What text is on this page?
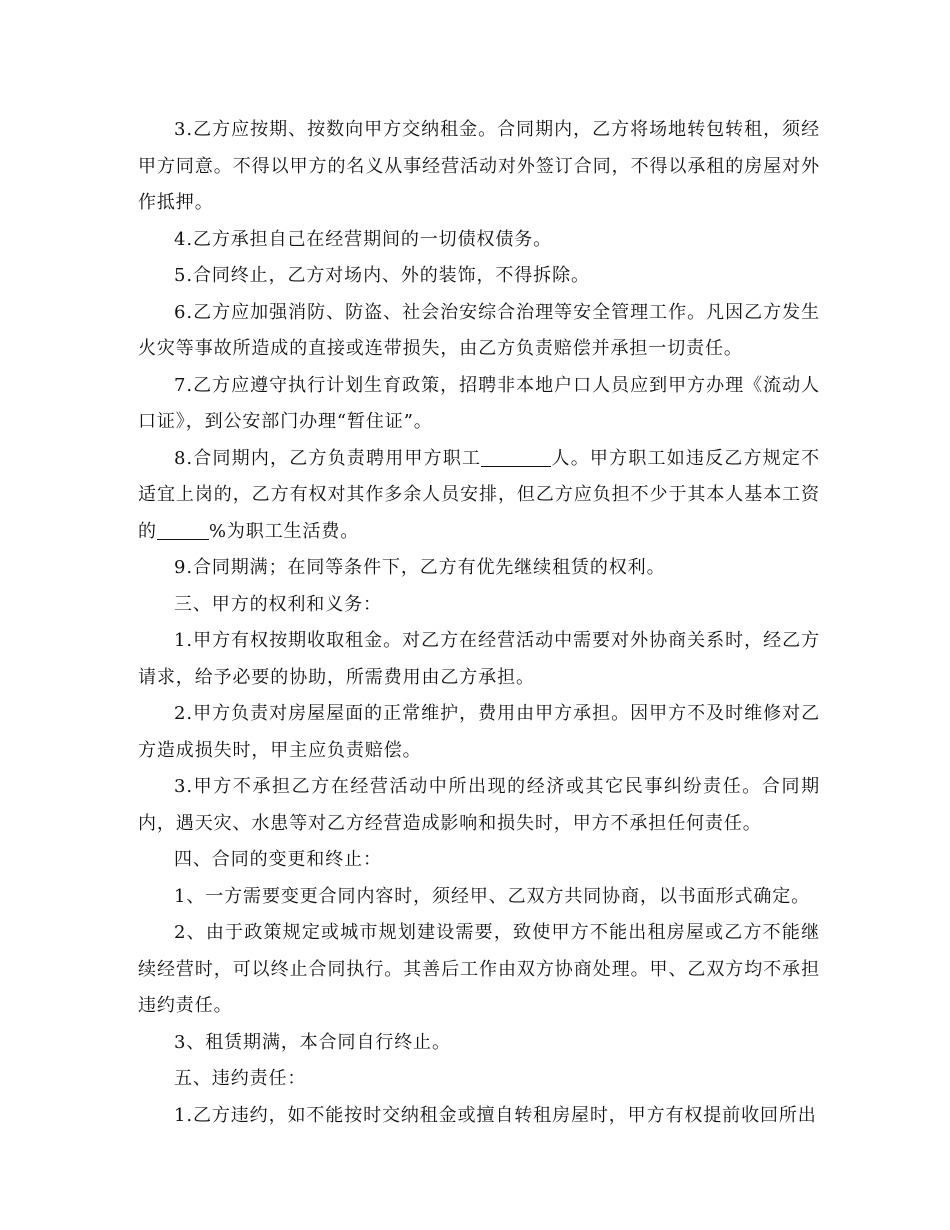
3.乙方应按期、按数向甲方交纳租金。合同期内，乙方将场地转包转租，须经甲方同意。不得以甲方的名义从事经营活动对外签订合同，不得以承租的房屋对外作抵押。

4.乙方承担自己在经营期间的一切债权债务。

5.合同终止，乙方对场内、外的装饰，不得拆除。

6.乙方应加强消防、防盗、社会治安综合治理等安全管理工作。凡因乙方发生火灾等事故所造成的直接或连带损失，由乙方负责赔偿并承担一切责任。

7.乙方应遵守执行计划生育政策，招聘非本地户口人员应到甲方办理《流动人口证》，到公安部门办理“暂住证”。

8.合同期内，乙方负责聘用甲方职工	人。甲方职工如违反乙方规定不适宜上岗的，乙方有权对其作多余人员安排，但乙方应负担不少于其本人基本工资的	%为职工生活费。

9.合同期满；在同等条件下，乙方有优先继续租赁的权利。

三、甲方的权利和义务：

1.甲方有权按期收取租金。对乙方在经营活动中需要对外协商关系时，经乙方请求，给予必要的协助，所需费用由乙方承担。

2.甲方负责对房屋屋面的正常维护，费用由甲方承担。因甲方不及时维修对乙方造成损失时，甲主应负责赔偿。

3.甲方不承担乙方在经营活动中所出现的经济或其它民事纠纷责任。合同期内，遇天灾、水患等对乙方经营造成影响和损失时，甲方不承担任何责任。

四、合同的变更和终止：

1、一方需要变更合同内容时，须经甲、乙双方共同协商，以书面形式确定。

2、由于政策规定或城市规划建设需要，致使甲方不能出租房屋或乙方不能继续经营时，可以终止合同执行。其善后工作由双方协商处理。甲、乙双方均不承担违约责任。

3、租赁期满，本合同自行终止。

五、违约责任：

1.乙方违约，如不能按时交纳租金或擅自转租房屋时，甲方有权提前收回所出
